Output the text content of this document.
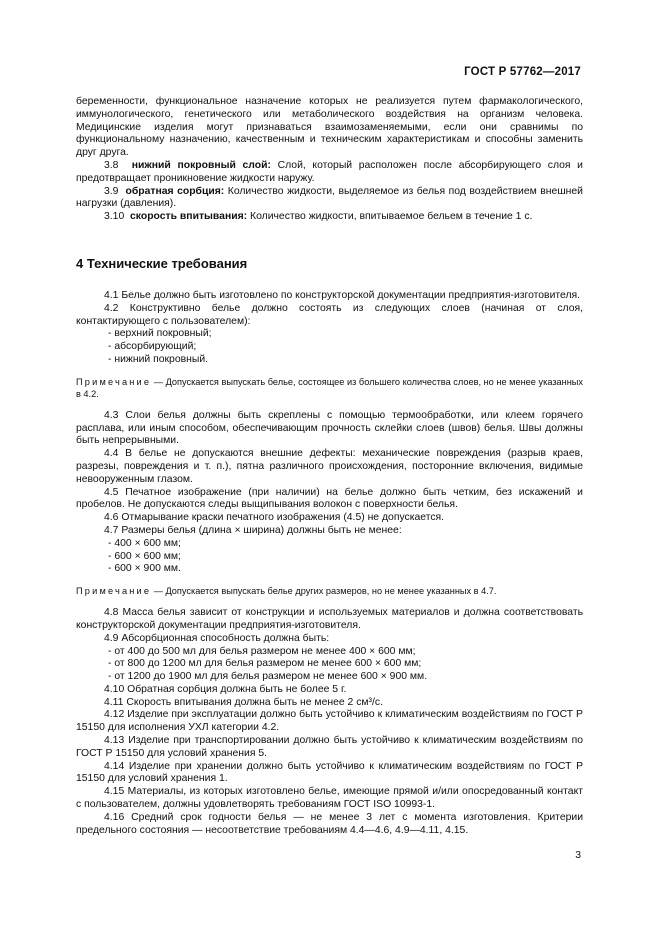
ГОСТ Р 57762—2017

беременности, функциональное назначение которых не реализуется путем фармакологического, иммунологического, генетического или метаболического воздействия на организм человека. Медицинские изделия могут признаваться взаимозаменяемыми, если они сравнимы по функциональному назначению, качественным и техническим характеристикам и способны заменить друг друга.

3.8 нижний покровный слой: Слой, который расположен после абсорбирующего слоя и предотвращает проникновение жидкости наружу.

3.9 обратная сорбция: Количество жидкости, выделяемое из белья под воздействием внешней нагрузки (давления).

3.10 скорость впитывания: Количество жидкости, впитываемое бельем в течение 1 с.

4 Технические требования

4.1 Белье должно быть изготовлено по конструкторской документации предприятия-изготовителя.

4.2 Конструктивно белье должно состоять из следующих слоев (начиная от слоя, контактирующего с пользователем):

- верхний покровный;

- абсорбирующий;

- нижний покровный.

Примечание — Допускается выпускать белье, состоящее из большего количества слоев, но не менее указанных в 4.2.

4.3 Слои белья должны быть скреплены с помощью термообработки, или клеем горячего расплава, или иным способом, обеспечивающим прочность склейки слоев (швов) белья. Швы должны быть непрерывными.

4.4 В белье не допускаются внешние дефекты: механические повреждения (разрыв краев, разрезы, повреждения и т. п.), пятна различного происхождения, посторонние включения, видимые невооруженным глазом.

4.5 Печатное изображение (при наличии) на белье должно быть четким, без искажений и пробелов. Не допускаются следы выщипывания волокон с поверхности белья.

4.6 Отмарывание краски печатного изображения (4.5) не допускается.

4.7 Размеры белья (длина × ширина) должны быть не менее:

- 400 × 600 мм;

- 600 × 600 мм;

- 600 × 900 мм.

Примечание — Допускается выпускать белье других размеров, но не менее указанных в 4.7.

4.8 Масса белья зависит от конструкции и используемых материалов и должна соответствовать конструкторской документации предприятия-изготовителя.

4.9 Абсорбционная способность должна быть:

- от 400 до 500 мл для белья размером не менее 400 × 600 мм;

- от 800 до 1200 мл для белья размером не менее 600 × 600 мм;

- от 1200 до 1900 мл для белья размером не менее 600 × 900 мм.

4.10 Обратная сорбция должна быть не более 5 г.

4.11 Скорость впитывания должна быть не менее 2 см³/с.

4.12 Изделие при эксплуатации должно быть устойчиво к климатическим воздействиям по ГОСТ Р 15150 для исполнения УХЛ категории 4.2.

4.13 Изделие при транспортировании должно быть устойчиво к климатическим воздействиям по ГОСТ Р 15150 для условий хранения 5.

4.14 Изделие при хранении должно быть устойчиво к климатическим воздействиям по ГОСТ Р 15150 для условий хранения 1.

4.15 Материалы, из которых изготовлено белье, имеющие прямой и/или опосредованный контакт с пользователем, должны удовлетворять требованиям ГОСТ ISO 10993-1.

4.16 Средний срок годности белья — не менее 3 лет с момента изготовления. Критерии предельного состояния — несоответствие требованиям 4.4—4.6, 4.9—4.11, 4.15.

3
